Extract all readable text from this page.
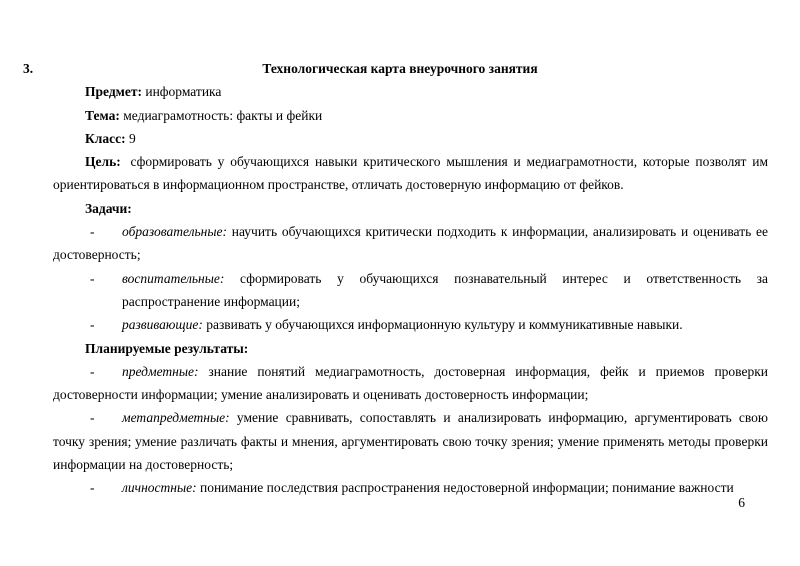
3.	Технологическая карта внеурочного занятия

Предмет: информатика

Тема: медиаграмотность: факты и фейки

Класс: 9

Цель: сформировать у обучающихся навыки критического мышления и медиаграмотности, которые позволят им ориентироваться в информационном пространстве, отличать достоверную информацию от фейков.

Задачи:

- образовательные: научить обучающихся критически подходить к информации, анализировать и оценивать ее достоверность;

- воспитательные: сформировать у обучающихся познавательный интерес и ответственность за распространение информации;

- развивающие: развивать у обучающихся информационную культуру и коммуникативные навыки.

Планируемые результаты:

- предметные: знание понятий медиаграмотность, достоверная информация, фейк и приемов проверки достоверности информации; умение анализировать и оценивать достоверность информации;

- метапредметные: умение сравнивать, сопоставлять и анализировать информацию, аргументировать свою точку зрения; умение различать факты и мнения, аргументировать свою точку зрения; умение применять методы проверки информации на достоверность;

- личностные: понимание последствия распространения недостоверной информации; понимание важности

6
